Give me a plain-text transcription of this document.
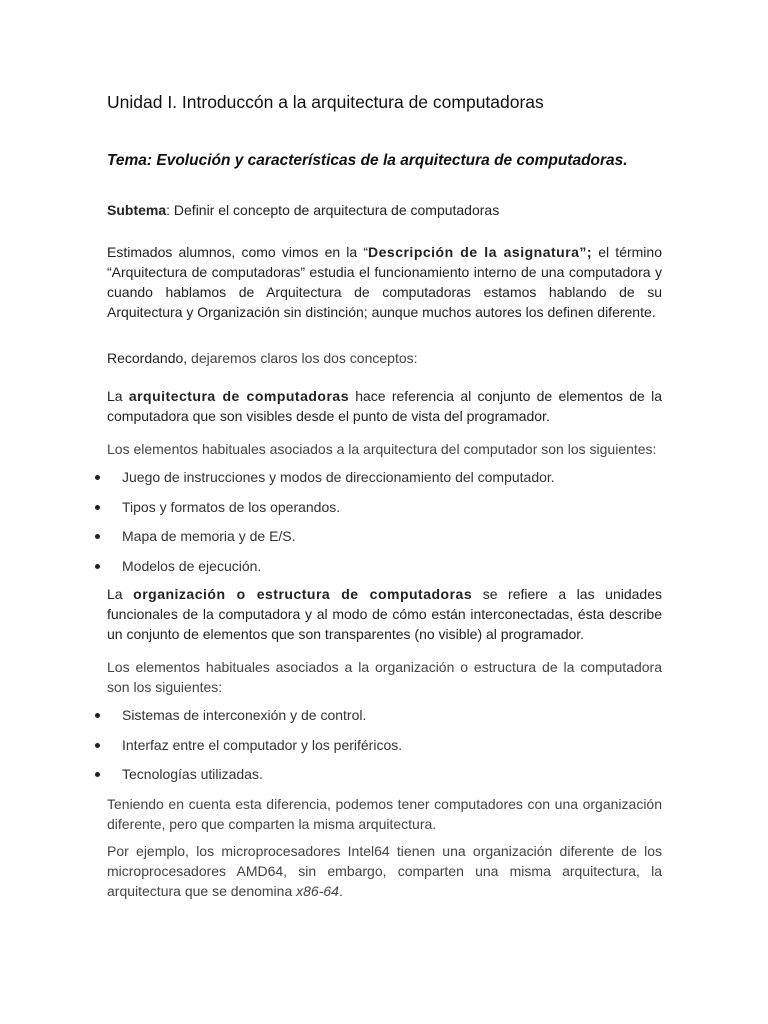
Unidad I. Introduccón a la arquitectura de computadoras
Tema: Evolución y características de la arquitectura de computadoras.
Subtema: Definir el concepto de arquitectura de computadoras
Estimados alumnos, como vimos en la “Descripción de la asignatura”; el término “Arquitectura de computadoras” estudia el funcionamiento interno de una computadora y cuando hablamos de Arquitectura de computadoras estamos hablando de su Arquitectura y Organización sin distinción; aunque muchos autores los definen diferente.
Recordando, dejaremos claros los dos conceptos:
La arquitectura de computadoras hace referencia al conjunto de elementos de la computadora que son visibles desde el punto de vista del programador.
Los elementos habituales asociados a la arquitectura del computador son los siguientes:
Juego de instrucciones y modos de direccionamiento del computador.
Tipos y formatos de los operandos.
Mapa de memoria y de E/S.
Modelos de ejecución.
La organización o estructura de computadoras se refiere a las unidades funcionales de la computadora y al modo de cómo están interconectadas, ésta describe un conjunto de elementos que son transparentes (no visible) al programador.
Los elementos habituales asociados a la organización o estructura de la computadora son los siguientes:
Sistemas de interconexión y de control.
Interfaz entre el computador y los periféricos.
Tecnologías utilizadas.
Teniendo en cuenta esta diferencia, podemos tener computadores con una organización diferente, pero que comparten la misma arquitectura.
Por ejemplo, los microprocesadores Intel64 tienen una organización diferente de los microprocesadores AMD64, sin embargo, comparten una misma arquitectura, la arquitectura que se denomina x86-64.
